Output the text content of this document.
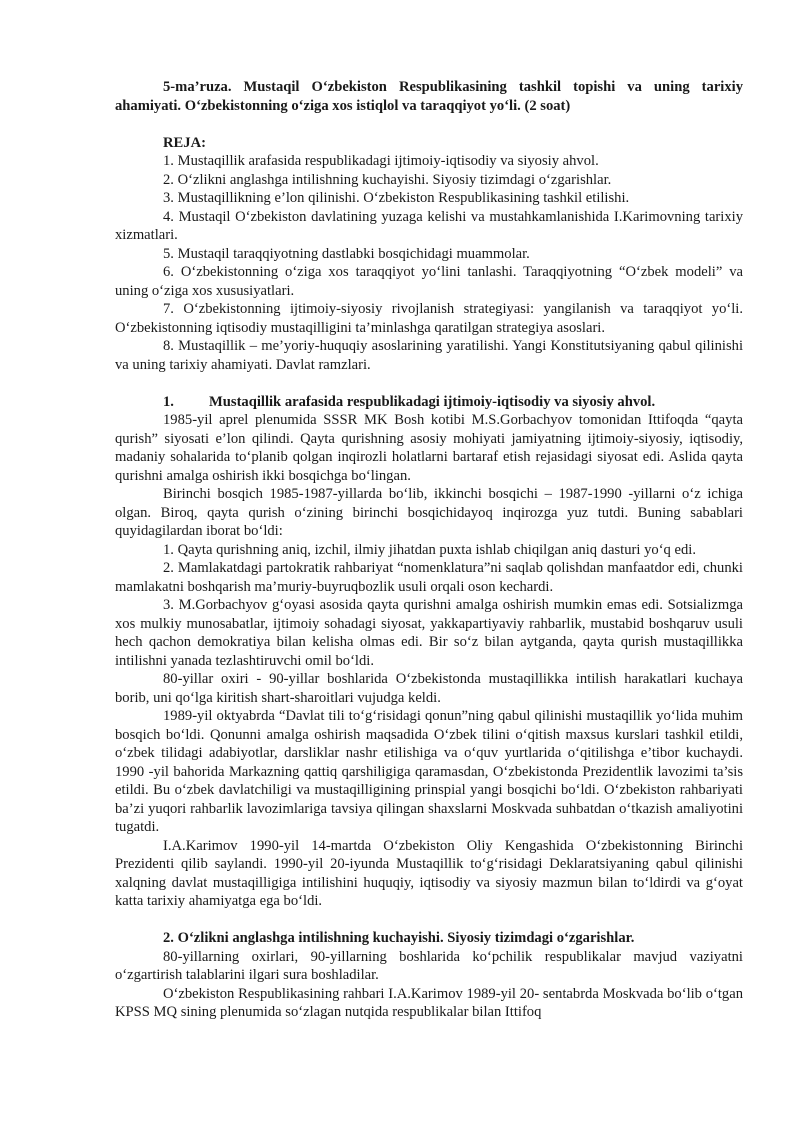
5-ma’ruza. Mustaqil O‘zbekiston Respublikasining tashkil topishi va uning tarixiy ahamiyati. O‘zbekistonning o‘ziga xos istiqlol va taraqqiyot yo‘li. (2 soat)

REJA:

1. Mustaqillik arafasida respublikadagi ijtimoiy-iqtisodiy va siyosiy ahvol.

2. O‘zlikni anglashga intilishning kuchayishi. Siyosiy tizimdagi o‘zgarishlar.

3. Mustaqillikning e’lon qilinishi. O‘zbekiston Respublikasining tashkil etilishi.

4. Mustaqil O‘zbekiston davlatining yuzaga kelishi va mustahkamlanishida I.Karimovning tarixiy xizmatlari.

5. Mustaqil taraqqiyotning dastlabki bosqichidagi muammolar.

6. O‘zbekistonning o‘ziga xos taraqqiyot yo‘lini tanlashi. Taraqqiyotning “O‘zbek modeli” va uning o‘ziga xos xususiyatlari.

7. O‘zbekistonning ijtimoiy-siyosiy rivojlanish strategiyasi: yangilanish va taraqqiyot yo‘li. O‘zbekistonning iqtisodiy mustaqilligini ta’minlashga qaratilgan strategiya asoslari.

8. Mustaqillik – me’yoriy-huquqiy asoslarining yaratilishi. Yangi Konstitutsiyaning qabul qilinishi va uning tarixiy ahamiyati. Davlat ramzlari.

1. Mustaqillik arafasida respublikadagi ijtimoiy-iqtisodiy va siyosiy ahvol.

1985-yil aprel plenumida SSSR MK Bosh kotibi M.S.Gorbachyov tomonidan Ittifoqda “qayta qurish” siyosati e’lon qilindi. Qayta qurishning asosiy mohiyati jamiyatning ijtimoiy-siyosiy, iqtisodiy, madaniy sohalarida to‘planib qolgan inqirozli holatlarni bartaraf etish rejasidagi siyosat edi. Aslida qayta qurishni amalga oshirish ikki bosqichga bo‘lingan.

Birinchi bosqich 1985-1987-yillarda bo‘lib, ikkinchi bosqichi – 1987-1990 -yillarni o‘z ichiga olgan. Biroq, qayta qurish o‘zining birinchi bosqichidayoq inqirozga yuz tutdi. Buning sabablari quyidagilardan iborat bo‘ldi:

1. Qayta qurishning aniq, izchil, ilmiy jihatdan puxta ishlab chiqilgan aniq dasturi yo‘q edi.

2. Mamlakatdagi partokratik rahbariyat “nomenklatura”ni saqlab qolishdan manfaatdor edi, chunki mamlakatni boshqarish ma’muriy-buyruqbozlik usuli orqali oson kechardi.

3. M.Gorbachyov g‘oyasi asosida qayta qurishni amalga oshirish mumkin emas edi. Sotsializmga xos mulkiy munosabatlar, ijtimoiy sohadagi siyosat, yakkapartiyaviy rahbarlik, mustabid boshqaruv usuli hech qachon demokratiya bilan kelisha olmas edi. Bir so‘z bilan aytganda, qayta qurish mustaqillikka intilishni yanada tezlashtiruvchi omil bo‘ldi.

80-yillar oxiri - 90-yillar boshlarida O‘zbekistonda mustaqillikka intilish harakatlari kuchaya borib, uni qo‘lga kiritish shart-sharoitlari vujudga keldi.

1989-yil oktyabrda “Davlat tili to‘g‘risidagi qonun”ning qabul qilinishi mustaqillik yo‘lida muhim bosqich bo‘ldi. Qonunni amalga oshirish maqsadida O‘zbek tilini o‘qitish maxsus kurslari tashkil etildi, o‘zbek tilidagi adabiyotlar, darsliklar nashr etilishiga va o‘quv yurtlarida o‘qitilishga e’tibor kuchaydi. 1990 -yil bahorida Markazning qattiq qarshiligiga qaramasdan, O‘zbekistonda Prezidentlik lavozimi ta’sis etildi. Bu o‘zbek davlatchiligi va mustaqilligining prinspial yangi bosqichi bo‘ldi. O‘zbekiston rahbariyati ba’zi yuqori rahbarlik lavozimlariga tavsiya qilingan shaxslarni Moskvada suhbatdan o‘tkazish amaliyotini tugatdi.

I.A.Karimov 1990-yil 14-martda O‘zbekiston Oliy Kengashida O‘zbekistonning Birinchi Prezidenti qilib saylandi. 1990-yil 20-iyunda Mustaqillik to‘g‘risidagi Deklaratsiyaning qabul qilinishi xalqning davlat mustaqilligiga intilishini huquqiy, iqtisodiy va siyosiy mazmun bilan to‘ldirdi va g‘oyat katta tarixiy ahamiyatga ega bo‘ldi.

2. O‘zlikni anglashga intilishning kuchayishi. Siyosiy tizimdagi o‘zgarishlar.

80-yillarning oxirlari, 90-yillarning boshlarida ko‘pchilik respublikalar mavjud vaziyatni o‘zgartirish talablarini ilgari sura boshladilar.

O‘zbekiston Respublikasining rahbari I.A.Karimov 1989-yil 20- sentabrda Moskvada bo‘lib o‘tgan KPSS MQ sining plenumida so‘zlagan nutqida respublikalar bilan Ittifoq
